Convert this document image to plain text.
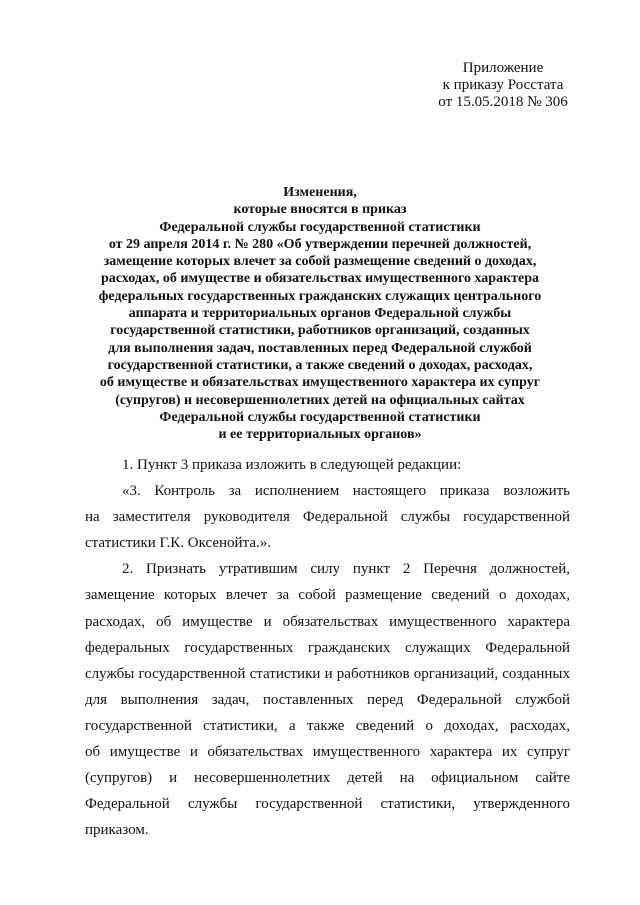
Приложение
к приказу Росстата
от 15.05.2018 № 306
Изменения,
которые вносятся в приказ
Федеральной службы государственной статистики
от 29 апреля 2014 г. № 280 «Об утверждении перечней должностей,
замещение которых влечет за собой размещение сведений о доходах,
расходах, об имуществе и обязательствах имущественного характера
федеральных государственных гражданских служащих центрального
аппарата и территориальных органов Федеральной службы
государственной статистики, работников организаций, созданных
для выполнения задач, поставленных перед Федеральной службой
государственной статистики, а также сведений о доходах, расходах,
об имуществе и обязательствах имущественного характера их супруг
(супругов) и несовершеннолетних детей на официальных сайтах
Федеральной службы государственной статистики
и ее территориальных органов»
1. Пункт 3 приказа изложить в следующей редакции:
«3. Контроль за исполнением настоящего приказа возложить
на заместителя руководителя Федеральной службы государственной
статистики Г.К. Оксенойта.».
2. Признать утратившим силу пункт 2 Перечня должностей,
замещение которых влечет за собой размещение сведений о доходах,
расходах, об имуществе и обязательствах имущественного характера
федеральных государственных гражданских служащих Федеральной
службы государственной статистики и работников организаций, созданных
для выполнения задач, поставленных перед Федеральной службой
государственной статистики, а также сведений о доходах, расходах,
об имуществе и обязательствах имущественного характера их супруг
(супругов) и несовершеннолетних детей на официальном сайте
Федеральной службы государственной статистики, утвержденного
приказом.
